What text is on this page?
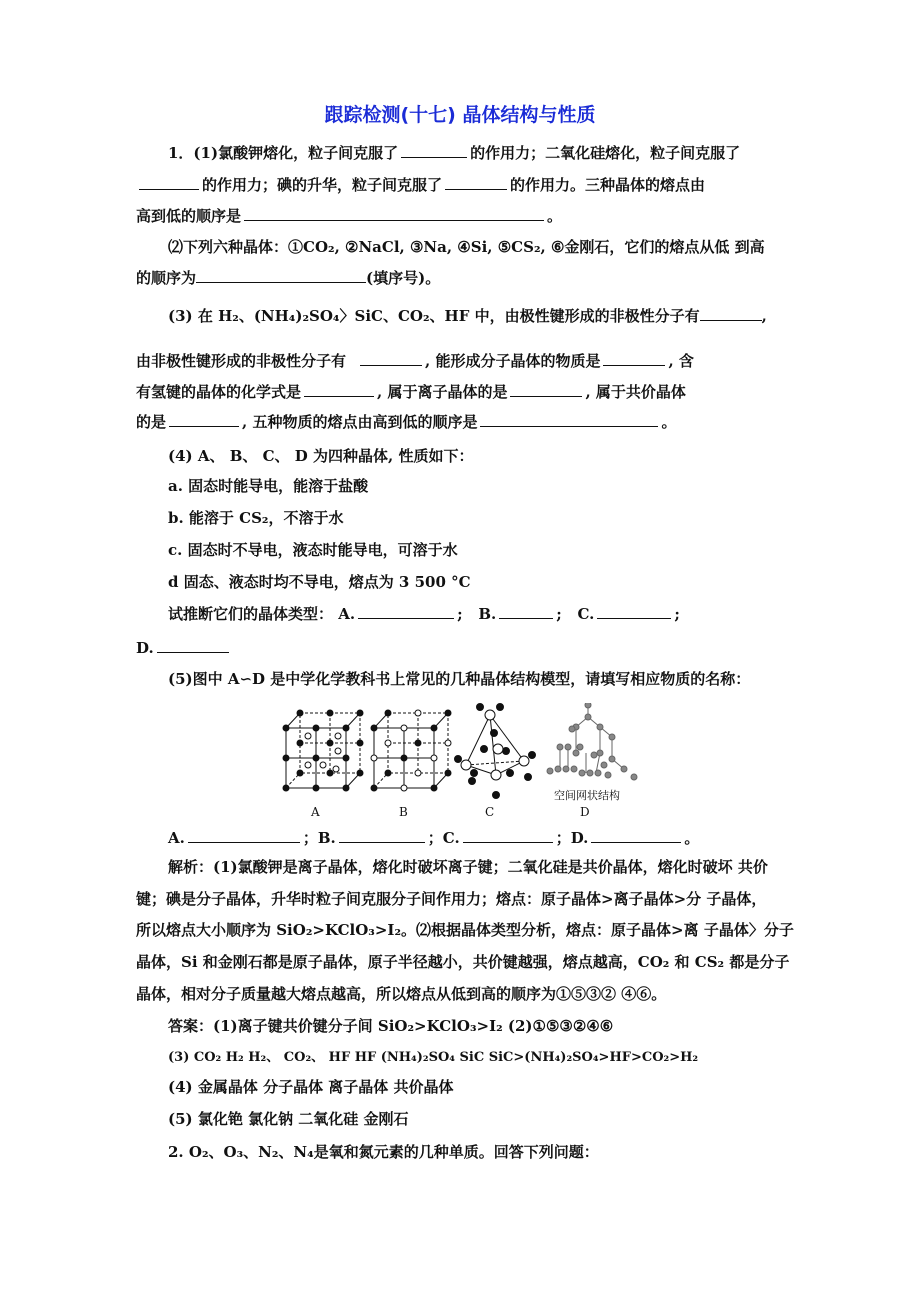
跟踪检测(十七) 晶体结构与性质
1．(1)氯酸钾熔化，粒子间克服了	的作用力；二氧化硅熔化，粒子间克服了
的作用力；碘的升华，粒子间克服了	的作用力。三种晶体的熔点由
高到低的顺序是	。
⑵下列六种晶体：①CO₂, ②NaCl, ③Na, ④Si, ⑤CS₂, ⑥金刚石，它们的熔点从低 到高
的顺序为	(填序号)。
(3) 在 H₂、(NH₄)₂SO₄〉SiC、CO₂、HF 中，由极性键形成的非极性分子有	,
由非极性键形成的非极性分子有	, 能形成分子晶体的物质是	, 含
有氢键的晶体的化学式是	, 属于离子晶体的是	, 属于共价晶体
的是	, 五种物质的熔点由高到低的顺序是	。
(4) A、 B、 C、 D 为四种晶体, 性质如下：
a. 固态时能导电，能溶于盐酸
b. 能溶于 CS₂，不溶于水
c. 固态时不导电，液态时能导电，可溶于水
d 固态、液态时均不导电，熔点为 3 500 °C
试推断它们的晶体类型： A.	; B.	; C.	;
D.
(5)图中 A∽D 是中学化学教科书上常见的几种晶体结构模型，请填写相应物质的名称：
A	B	C
空间网状结构
D
A.	；B.	；C.	；D.	。
解析：(1)氯酸钾是离子晶体，熔化时破坏离子键；二氧化硅是共价晶体，熔化时破坏 共价
键；碘是分子晶体，升华时粒子间克服分子间作用力；熔点：原子晶体>离子晶体>分 子晶体，
所以熔点大小顺序为 SiO₂>KClO₃>I₂。⑵根据晶体类型分析，熔点：原子晶体>离 子晶体〉分子
晶体，Si 和金刚石都是原子晶体，原子半径越小，共价键越强，熔点越高，CO₂ 和 CS₂ 都是分子
晶体，相对分子质量越大熔点越高，所以熔点从低到高的顺序为①⑤③② ④⑥。
答案：(1)离子键共价键分子间 SiO₂>KClO₃>I₂ (2)①⑤③②④⑥
(3) CO₂ H₂ H₂、 CO₂、 HF HF (NH₄)₂SO₄ SiC SiC>(NH₄)₂SO₄>HF>CO₂>H₂
(4) 金属晶体 分子晶体 离子晶体 共价晶体
(5) 氯化铯 氯化钠 二氧化硅 金刚石
2. O₂、O₃、N₂、N₄是氧和氮元素的几种单质。回答下列问题：
